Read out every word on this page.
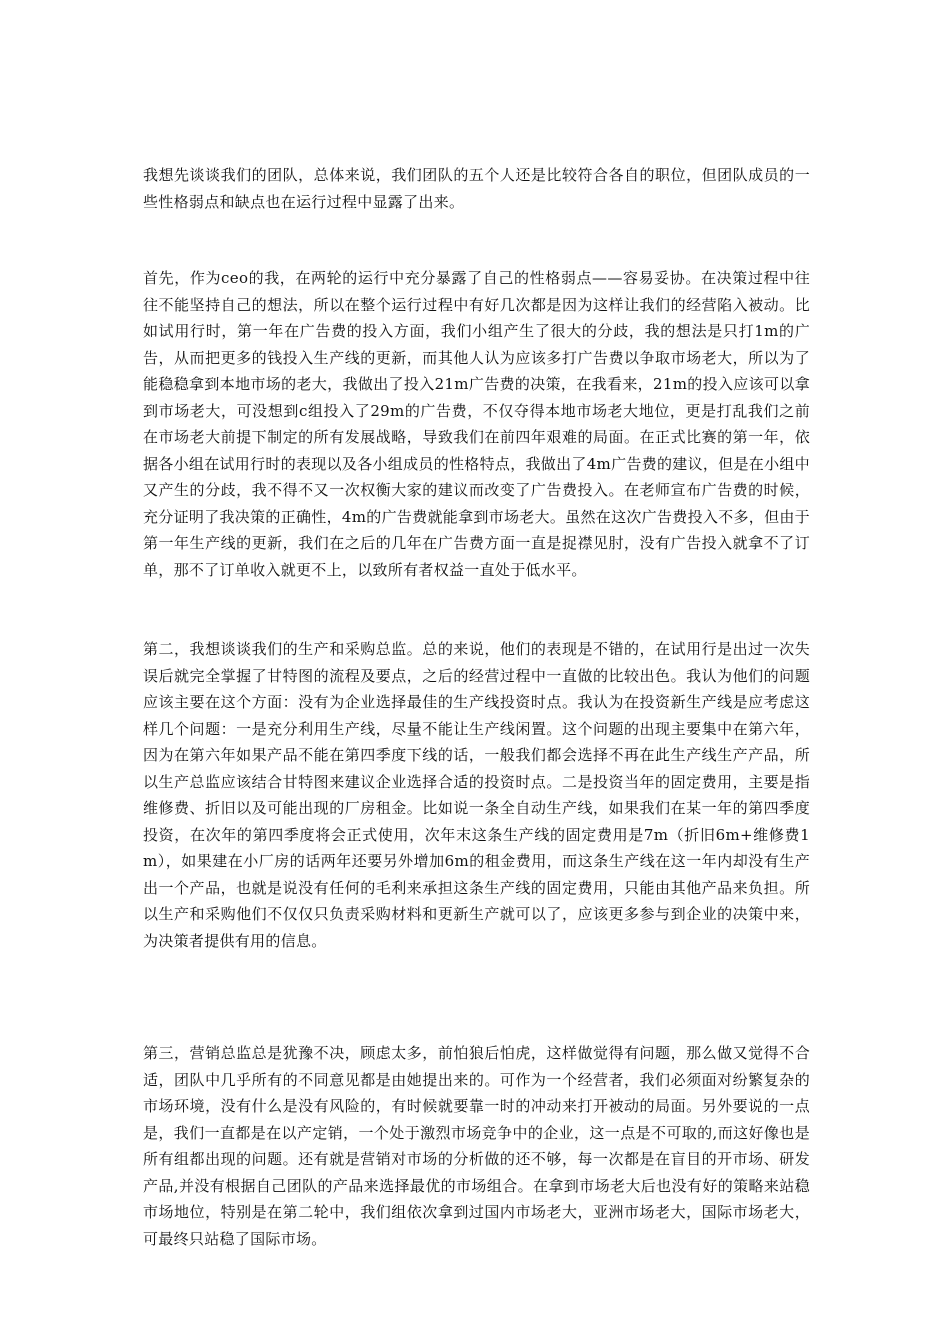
我想先谈谈我们的团队，总体来说，我们团队的五个人还是比较符合各自的职位，但团队成员的一些性格弱点和缺点也在运行过程中显露了出来。

首先，作为ceo的我，在两轮的运行中充分暴露了自己的性格弱点——容易妥协。在决策过程中往往不能坚持自己的想法，所以在整个运行过程中有好几次都是因为这样让我们的经营陷入被动。比如试用行时，第一年在广告费的投入方面，我们小组产生了很大的分歧，我的想法是只打1m的广告，从而把更多的钱投入生产线的更新，而其他人认为应该多打广告费以争取市场老大，所以为了能稳稳拿到本地市场的老大，我做出了投入21m广告费的决策，在我看来，21m的投入应该可以拿到市场老大，可没想到c组投入了29m的广告费，不仅夺得本地市场老大地位，更是打乱我们之前在市场老大前提下制定的所有发展战略，导致我们在前四年艰难的局面。在正式比赛的第一年，依据各小组在试用行时的表现以及各小组成员的性格特点，我做出了4m广告费的建议，但是在小组中又产生的分歧，我不得不又一次权衡大家的建议而改变了广告费投入。在老师宣布广告费的时候，充分证明了我决策的正确性，4m的广告费就能拿到市场老大。虽然在这次广告费投入不多，但由于第一年生产线的更新，我们在之后的几年在广告费方面一直是捉襟见肘，没有广告投入就拿不了订单，那不了订单收入就更不上，以致所有者权益一直处于低水平。

第二，我想谈谈我们的生产和采购总监。总的来说，他们的表现是不错的，在试用行是出过一次失误后就完全掌握了甘特图的流程及要点，之后的经营过程中一直做的比较出色。我认为他们的问题应该主要在这个方面：没有为企业选择最佳的生产线投资时点。我认为在投资新生产线是应考虑这样几个问题：一是充分利用生产线，尽量不能让生产线闲置。这个问题的出现主要集中在第六年，因为在第六年如果产品不能在第四季度下线的话，一般我们都会选择不再在此生产线生产产品，所以生产总监应该结合甘特图来建议企业选择合适的投资时点。二是投资当年的固定费用，主要是指维修费、折旧以及可能出现的厂房租金。比如说一条全自动生产线，如果我们在某一年的第四季度投资，在次年的第四季度将会正式使用，次年末这条生产线的固定费用是7m（折旧6m+维修费1m），如果建在小厂房的话两年还要另外增加6m的租金费用，而这条生产线在这一年内却没有生产出一个产品，也就是说没有任何的毛利来承担这条生产线的固定费用，只能由其他产品来负担。所以生产和采购他们不仅仅只负责采购材料和更新生产就可以了，应该更多参与到企业的决策中来，为决策者提供有用的信息。

第三，营销总监总是犹豫不决，顾虑太多，前怕狼后怕虎，这样做觉得有问题，那么做又觉得不合适，团队中几乎所有的不同意见都是由她提出来的。可作为一个经营者，我们必须面对纷繁复杂的市场环境，没有什么是没有风险的，有时候就要靠一时的冲动来打开被动的局面。另外要说的一点是，我们一直都是在以产定销，一个处于激烈市场竞争中的企业，这一点是不可取的,而这好像也是所有组都出现的问题。还有就是营销对市场的分析做的还不够，每一次都是在盲目的开市场、研发产品,并没有根据自己团队的产品来选择最优的市场组合。在拿到市场老大后也没有好的策略来站稳市场地位，特别是在第二轮中，我们组依次拿到过国内市场老大，亚洲市场老大，国际市场老大，可最终只站稳了国际市场。
